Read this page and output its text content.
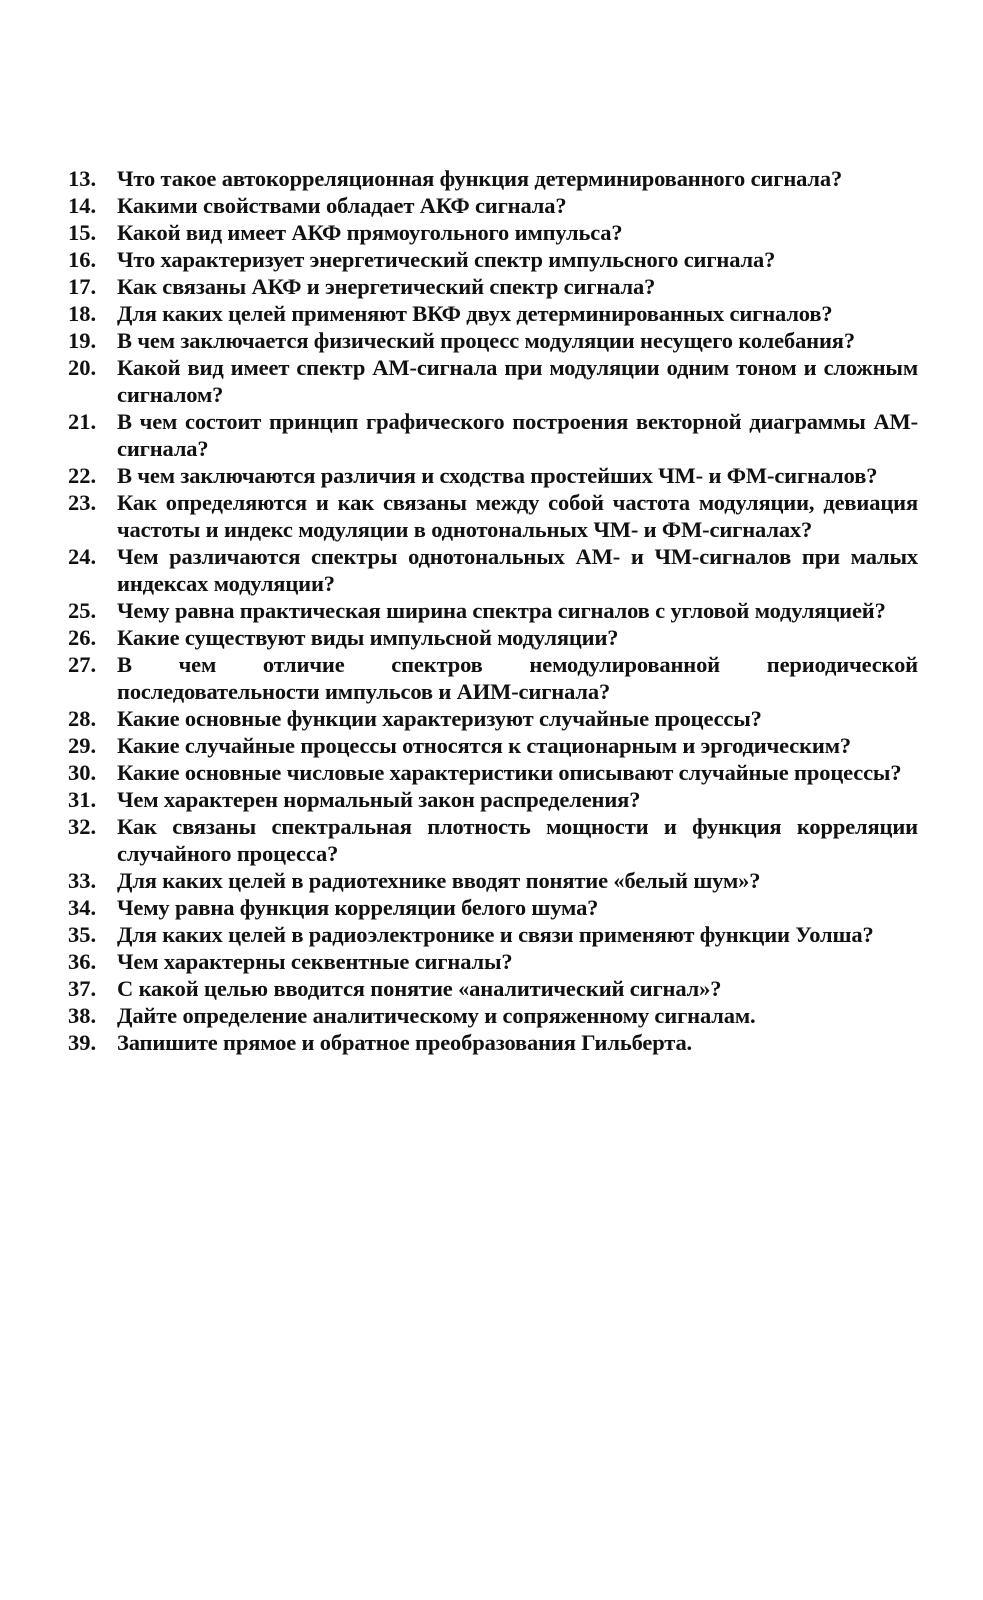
13. Что такое автокорреляционная функция детерминированного сигнала?
14. Какими свойствами обладает АКФ сигнала?
15. Какой вид имеет АКФ прямоугольного импульса?
16. Что характеризует энергетический спектр импульсного сигнала?
17. Как связаны АКФ и энергетический спектр сигнала?
18. Для каких целей применяют ВКФ двух детерминированных сигналов?
19. В чем заключается физический процесс модуляции несущего колебания?
20. Какой вид имеет спектр АМ-сигнала при модуляции одним тоном и сложным сигналом?
21. В чем состоит принцип графического построения векторной диаграммы АМ-сигнала?
22. В чем заключаются различия и сходства простейших ЧМ- и ФМ-сигналов?
23. Как определяются и как связаны между собой частота модуляции, девиация частоты и индекс модуляции в однотональных ЧМ- и ФМ-сигналах?
24. Чем различаются спектры однотональных АМ- и ЧМ-сигналов при малых индексах модуляции?
25. Чему равна практическая ширина спектра сигналов с угловой модуляцией?
26. Какие существуют виды импульсной модуляции?
27. В чем отличие спектров немодулированной периодической последовательности импульсов и АИМ-сигнала?
28. Какие основные функции характеризуют случайные процессы?
29. Какие случайные процессы относятся к стационарным и эргодическим?
30. Какие основные числовые характеристики описывают случайные процессы?
31. Чем характерен нормальный закон распределения?
32. Как связаны спектральная плотность мощности и функция корреляции случайного процесса?
33. Для каких целей в радиотехнике вводят понятие «белый шум»?
34. Чему равна функция корреляции белого шума?
35. Для каких целей в радиоэлектронике и связи применяют функции Уолша?
36. Чем характерны секвентные сигналы?
37. С какой целью вводится понятие «аналитический сигнал»?
38. Дайте определение аналитическому и сопряженному сигналам.
39. Запишите прямое и обратное преобразования Гильберта.
